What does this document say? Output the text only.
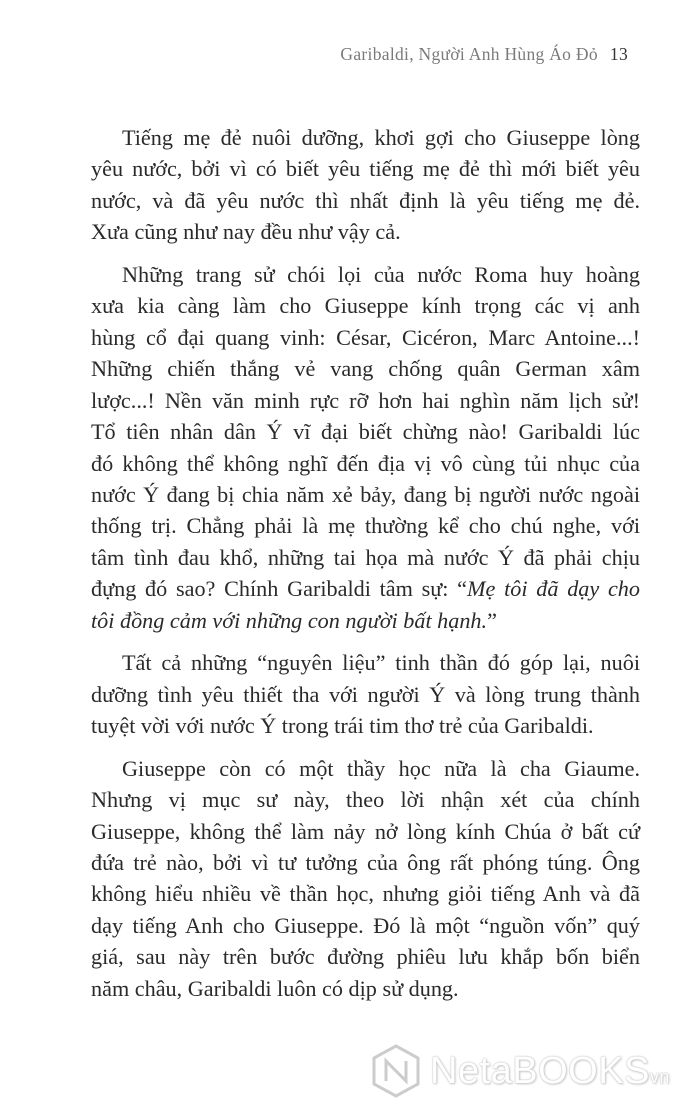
Garibaldi, Người Anh Hùng Áo Đỏ 13
Tiếng mẹ đẻ nuôi dưỡng, khơi gợi cho Giuseppe lòng
yêu nước, bởi vì có biết yêu tiếng mẹ đẻ thì mới biết yêu
nước, và đã yêu nước thì nhất định là yêu tiếng mẹ đẻ.
Xưa cũng như nay đều như vậy cả.
Những trang sử chói lọi của nước Roma huy hoàng
xưa kia càng làm cho Giuseppe kính trọng các vị anh
hùng cổ đại quang vinh: César, Cicéron, Marc Antoine...!
Những chiến thắng vẻ vang chống quân German xâm
lược...! Nền văn minh rực rỡ hơn hai nghìn năm lịch sử!
Tổ tiên nhân dân Ý vĩ đại biết chừng nào! Garibaldi lúc
đó không thể không nghĩ đến địa vị vô cùng tủi nhục của
nước Ý đang bị chia năm xẻ bảy, đang bị người nước ngoài
thống trị. Chẳng phải là mẹ thường kể cho chú nghe, với
tâm tình đau khổ, những tai họa mà nước Ý đã phải chịu
đựng đó sao? Chính Garibaldi tâm sự: “Mẹ tôi đã dạy cho
tôi đồng cảm với những con người bất hạnh.”
Tất cả những “nguyên liệu” tinh thần đó góp lại, nuôi
dưỡng tình yêu thiết tha với người Ý và lòng trung thành
tuyệt vời với nước Ý trong trái tim thơ trẻ của Garibaldi.
Giuseppe còn có một thầy học nữa là cha Giaume.
Nhưng vị mục sư này, theo lời nhận xét của chính
Giuseppe, không thể làm nảy nở lòng kính Chúa ở bất cứ
đứa trẻ nào, bởi vì tư tưởng của ông rất phóng túng. Ông
không hiểu nhiều về thần học, nhưng giỏi tiếng Anh và đã
dạy tiếng Anh cho Giuseppe. Đó là một “nguồn vốn” quý
giá, sau này trên bước đường phiêu lưu khắp bốn biển
năm châu, Garibaldi luôn có dịp sử dụng.
NetaBOOKSvn
